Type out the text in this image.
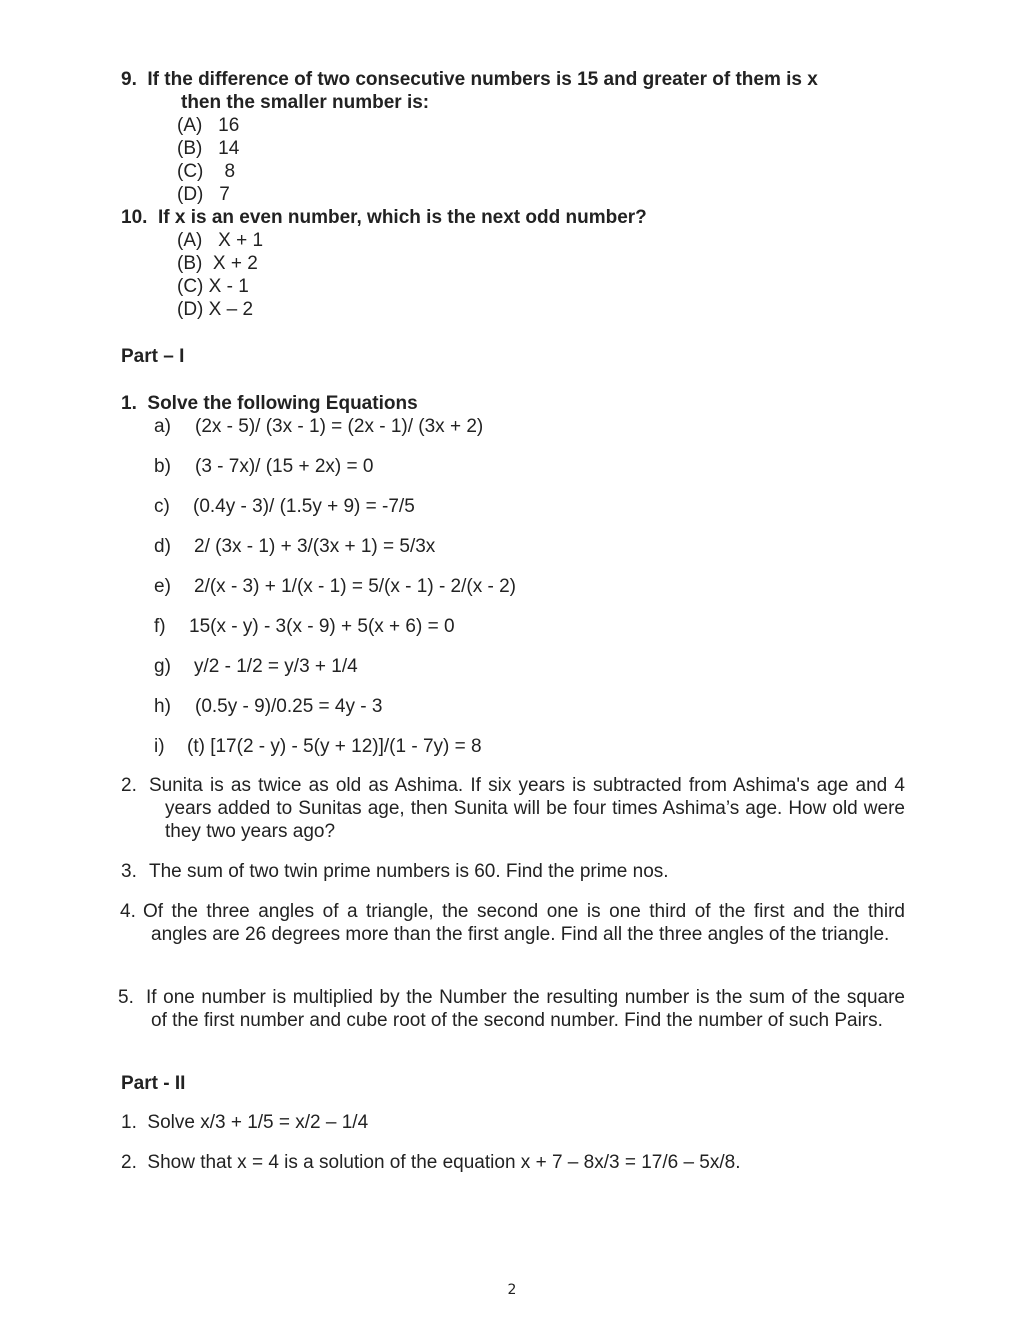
9.  If the difference of two consecutive numbers is 15 and greater of them is x
then the smaller number is:
(A)   16
(B)   14
(C)    8
(D)   7
10.  If x is an even number, which is the next odd number?
(A)   X + 1
(B)  X + 2
(C) X - 1
(D) X – 2
Part – I
1.  Solve the following Equations
a) (2x - 5)/ (3x - 1) = (2x - 1)/ (3x + 2)
b) (3 - 7x)/ (15 + 2x) = 0
c) (0.4y - 3)/ (1.5y + 9) = -7/5
d) 2/ (3x - 1) + 3/(3x + 1) = 5/3x
e) 2/(x - 3) + 1/(x - 1) = 5/(x - 1) - 2/(x - 2)
f) 15(x - y) - 3(x - 9) + 5(x + 6) = 0
g) y/2 - 1/2 = y/3 + 1/4
h) (0.5y - 9)/0.25 = 4y - 3
i) (t) [17(2 - y) - 5(y + 12)]/(1 - 7y) = 8
2. Sunita is as twice as old as Ashima. If six years is subtracted from Ashima's age and 4 years added to Sunitas age, then Sunita will be four times Ashima’s age. How old were they two years ago?
3. The sum of two twin prime numbers is 60. Find the prime nos.
4. Of the three angles of a triangle, the second one is one third of the first and the third angles are 26 degrees more than the first angle. Find all the three angles of the triangle.
5. If one number is multiplied by the Number the resulting number is the sum of the square of the first number and cube root of the second number. Find the number of such Pairs.
Part - II
1.  Solve x/3 + 1/5 = x/2 – 1/4
2.  Show that x = 4 is a solution of the equation x + 7 – 8x/3 = 17/6 – 5x/8.
2
